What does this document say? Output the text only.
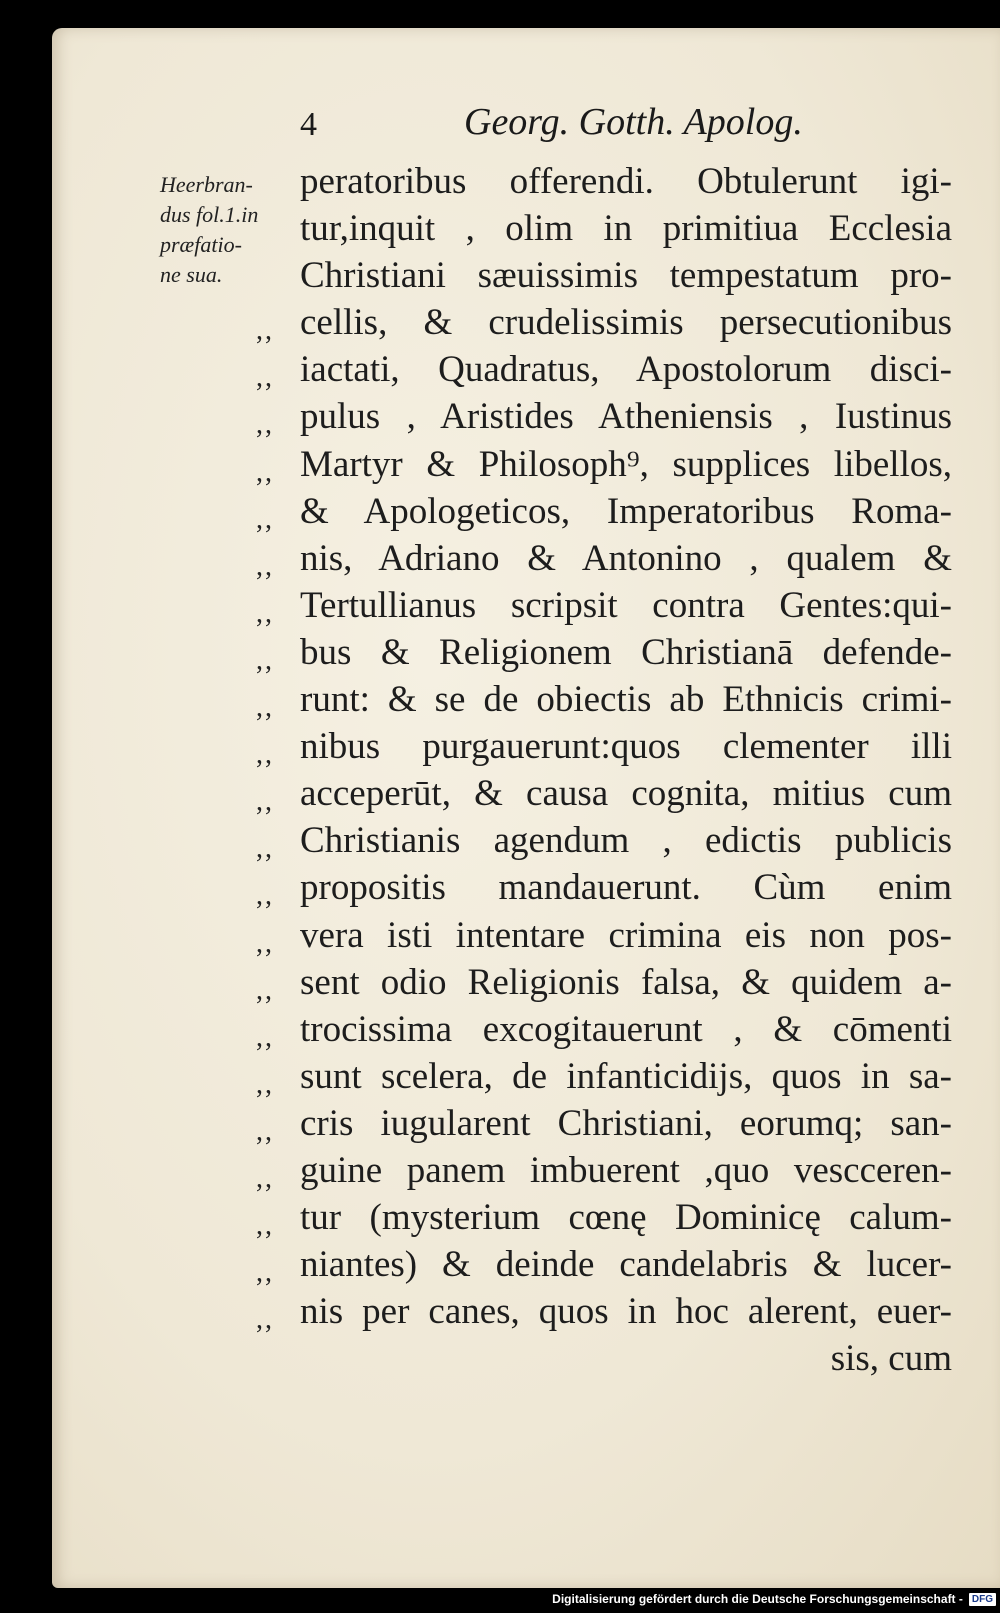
4	Georg. Gotth. Apolog.
Heerbran-
dus fol.1.in
præfatio-
ne sua.
peratoribus offerendi. Obtulerunt igi-
tur,inquit , olim in primitiua Ecclesia
Christiani sæuissimis tempestatum pro-
,, cellis, & crudelissimis persecutionibus
,, iactati, Quadratus, Apostolorum disci-
,, pulus , Aristides Atheniensis , Iustinus
,, Martyr & Philosoph⁹, supplices libellos,
,, & Apologeticos, Imperatoribus Roma-
,, nis, Adriano & Antonino , qualem &
,, Tertullianus scripsit contra Gentes:qui-
,, bus & Religionem Christianā defende-
,, runt: & se de obiectis ab Ethnicis crimi-
,, nibus purgauerunt:quos clementer illi
,, acceperūt, & causa cognita, mitius cum
,, Christianis agendum , edictis publicis
,, propositis mandauerunt. Cùm enim
,, vera isti intentare crimina eis non pos-
,, sent odio Religionis falsa, & quidem a-
,, trocissima excogitauerunt , & cōmenti
,, sunt scelera, de infanticidijs, quos in sa-
,, cris iugularent Christiani, eorumq; san-
,, guine panem imbuerent ,quo vescceren-
,, tur (mysterium cœnę Dominicę calum-
,, niantes) & deinde candelabris & lucer-
,, nis per canes, quos in hoc alerent, euer-
sis, cum
Digitalisierung gefördert durch die Deutsche Forschungsgemeinschaft - DFG
